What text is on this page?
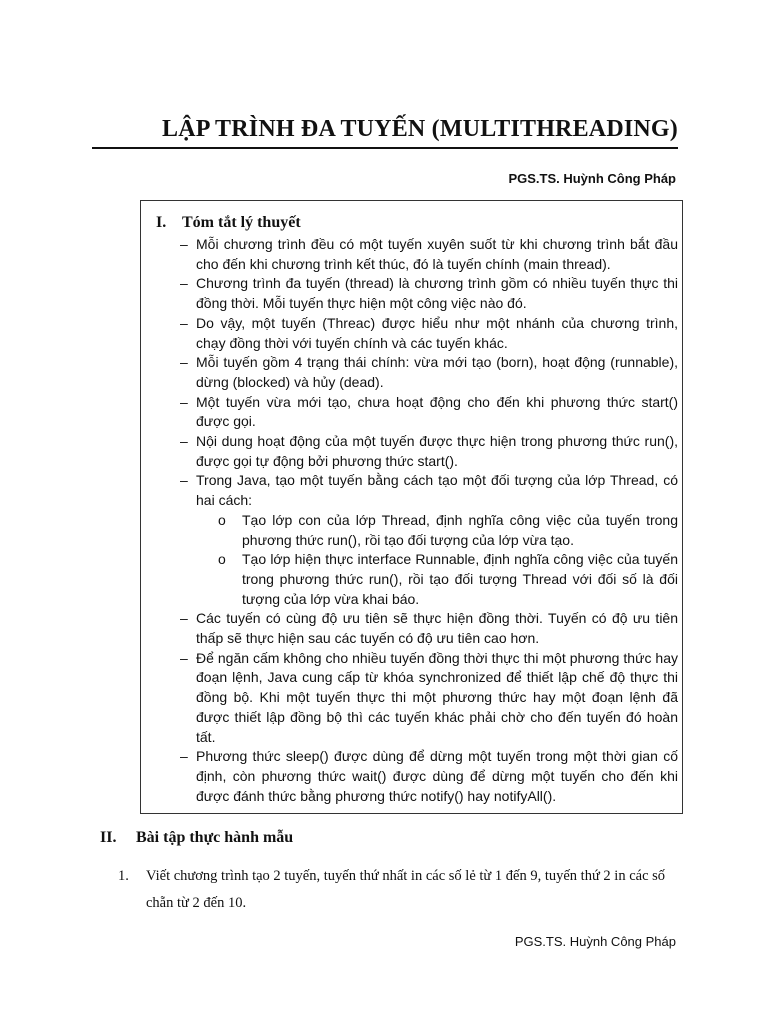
LẬP TRÌNH ĐA TUYẾN (MULTITHREADING)
PGS.TS. Huỳnh Công Pháp
I. Tóm tắt lý thuyết
– Mỗi chương trình đều có một tuyến xuyên suốt từ khi chương trình bắt đầu cho đến khi chương trình kết thúc, đó là tuyến chính (main thread).
– Chương trình đa tuyến (thread) là chương trình gồm có nhiều tuyến thực thi đồng thời. Mỗi tuyến thực hiện một công việc nào đó.
– Do vậy, một tuyến (Threac) được hiểu như một nhánh của chương trình, chạy đồng thời với tuyến chính và các tuyến khác.
– Mỗi tuyến gồm 4 trạng thái chính: vừa mới tạo (born), hoạt động (runnable), dừng (blocked) và hủy (dead).
– Một tuyến vừa mới tạo, chưa hoạt động cho đến khi phương thức start() được gọi.
– Nội dung hoạt động của một tuyến được thực hiện trong phương thức run(), được gọi tự động bởi phương thức start().
– Trong Java, tạo một tuyến bằng cách tạo một đối tượng của lớp Thread, có hai cách:
o Tạo lớp con của lớp Thread, định nghĩa công việc của tuyến trong phương thức run(), rồi tạo đối tượng của lớp vừa tạo.
o Tạo lớp hiện thực interface Runnable, định nghĩa công việc của tuyến trong phương thức run(), rồi tạo đối tượng Thread với đối số là đối tượng của lớp vừa khai báo.
– Các tuyến có cùng độ ưu tiên sẽ thực hiện đồng thời. Tuyến có độ ưu tiên thấp sẽ thực hiện sau các tuyến có độ ưu tiên cao hơn.
– Để ngăn cấm không cho nhiều tuyến đồng thời thực thi một phương thức hay đoạn lệnh, Java cung cấp từ khóa synchronized để thiết lập chế độ thực thi đồng bộ. Khi một tuyến thực thi một phương thức hay một đoạn lệnh đã được thiết lập đồng bộ thì các tuyến khác phải chờ cho đến tuyến đó hoàn tất.
– Phương thức sleep() được dùng để dừng một tuyến trong một thời gian cố định, còn phương thức wait() được dùng để dừng một tuyến cho đến khi được đánh thức bằng phương thức notify() hay notifyAll().
II. Bài tập thực hành mẫu
1. Viết chương trình tạo 2 tuyến, tuyến thứ nhất in các số lẻ từ 1 đến 9, tuyến thứ 2 in các số chẵn từ 2 đến 10.
PGS.TS. Huỳnh Công Pháp
